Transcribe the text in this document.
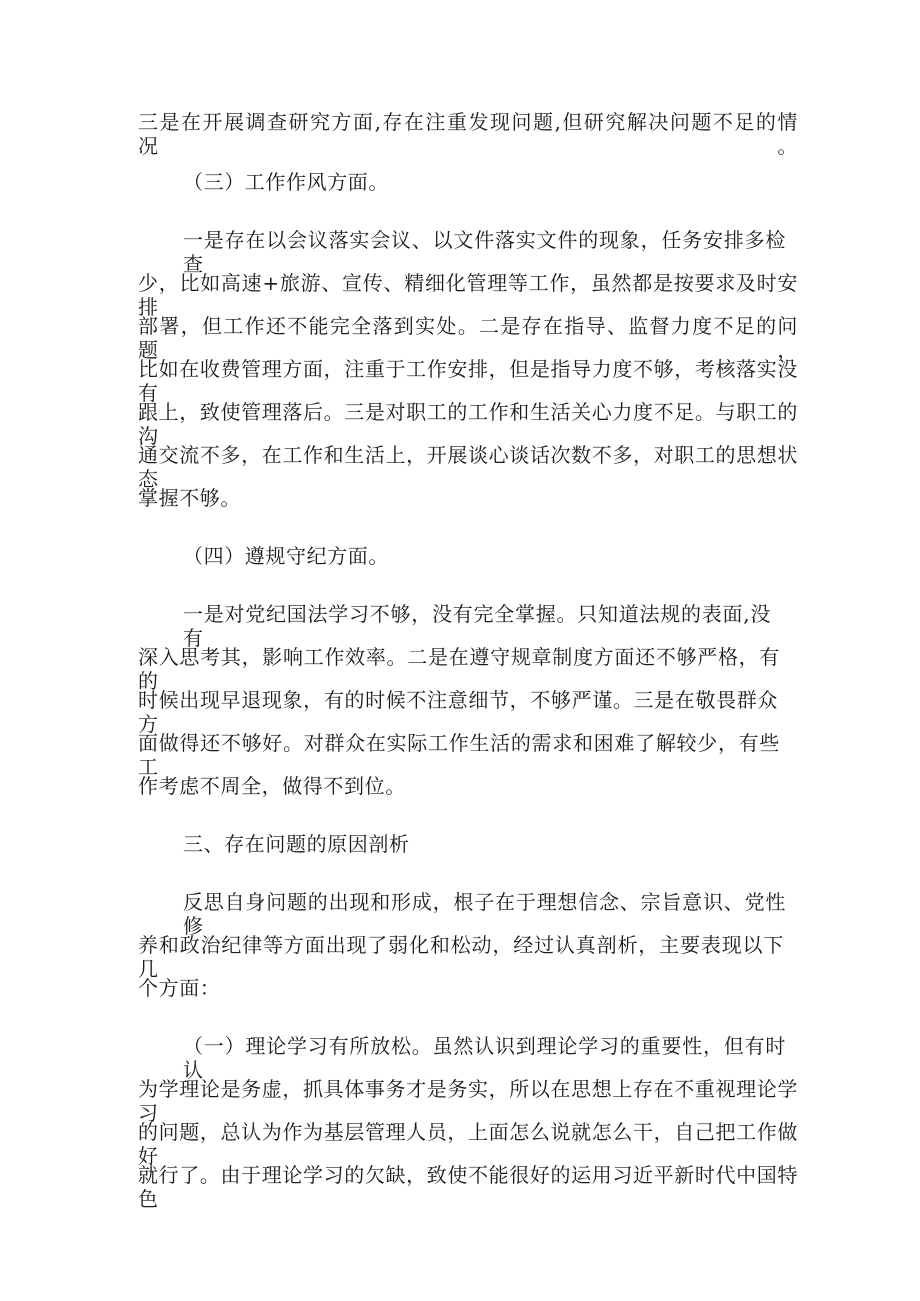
三是在开展调查研究方面,存在注重发现问题,但研究解决问题不足的情况。
（三）工作作风方面。
一是存在以会议落实会议、以文件落实文件的现象，任务安排多检查
少，比如高速+旅游、宣传、精细化管理等工作，虽然都是按要求及时安排
部署，但工作还不能完全落到实处。二是存在指导、监督力度不足的问题，
比如在收费管理方面，注重于工作安排，但是指导力度不够，考核落实没有
跟上，致使管理落后。三是对职工的工作和生活关心力度不足。与职工的沟
通交流不多，在工作和生活上，开展谈心谈话次数不多，对职工的思想状态
掌握不够。
（四）遵规守纪方面。
一是对党纪国法学习不够，没有完全掌握。只知道法规的表面,没有
深入思考其，影响工作效率。二是在遵守规章制度方面还不够严格，有的
时候出现早退现象，有的时候不注意细节，不够严谨。三是在敬畏群众方
面做得还不够好。对群众在实际工作生活的需求和困难了解较少，有些工
作考虑不周全，做得不到位。
三、存在问题的原因剖析
反思自身问题的出现和形成，根子在于理想信念、宗旨意识、党性修
养和政治纪律等方面出现了弱化和松动，经过认真剖析，主要表现以下几
个方面：
（一）理论学习有所放松。虽然认识到理论学习的重要性，但有时认
为学理论是务虚，抓具体事务才是务实，所以在思想上存在不重视理论学习
的问题，总认为作为基层管理人员，上面怎么说就怎么干，自己把工作做好
就行了。由于理论学习的欠缺，致使不能很好的运用习近平新时代中国特色
